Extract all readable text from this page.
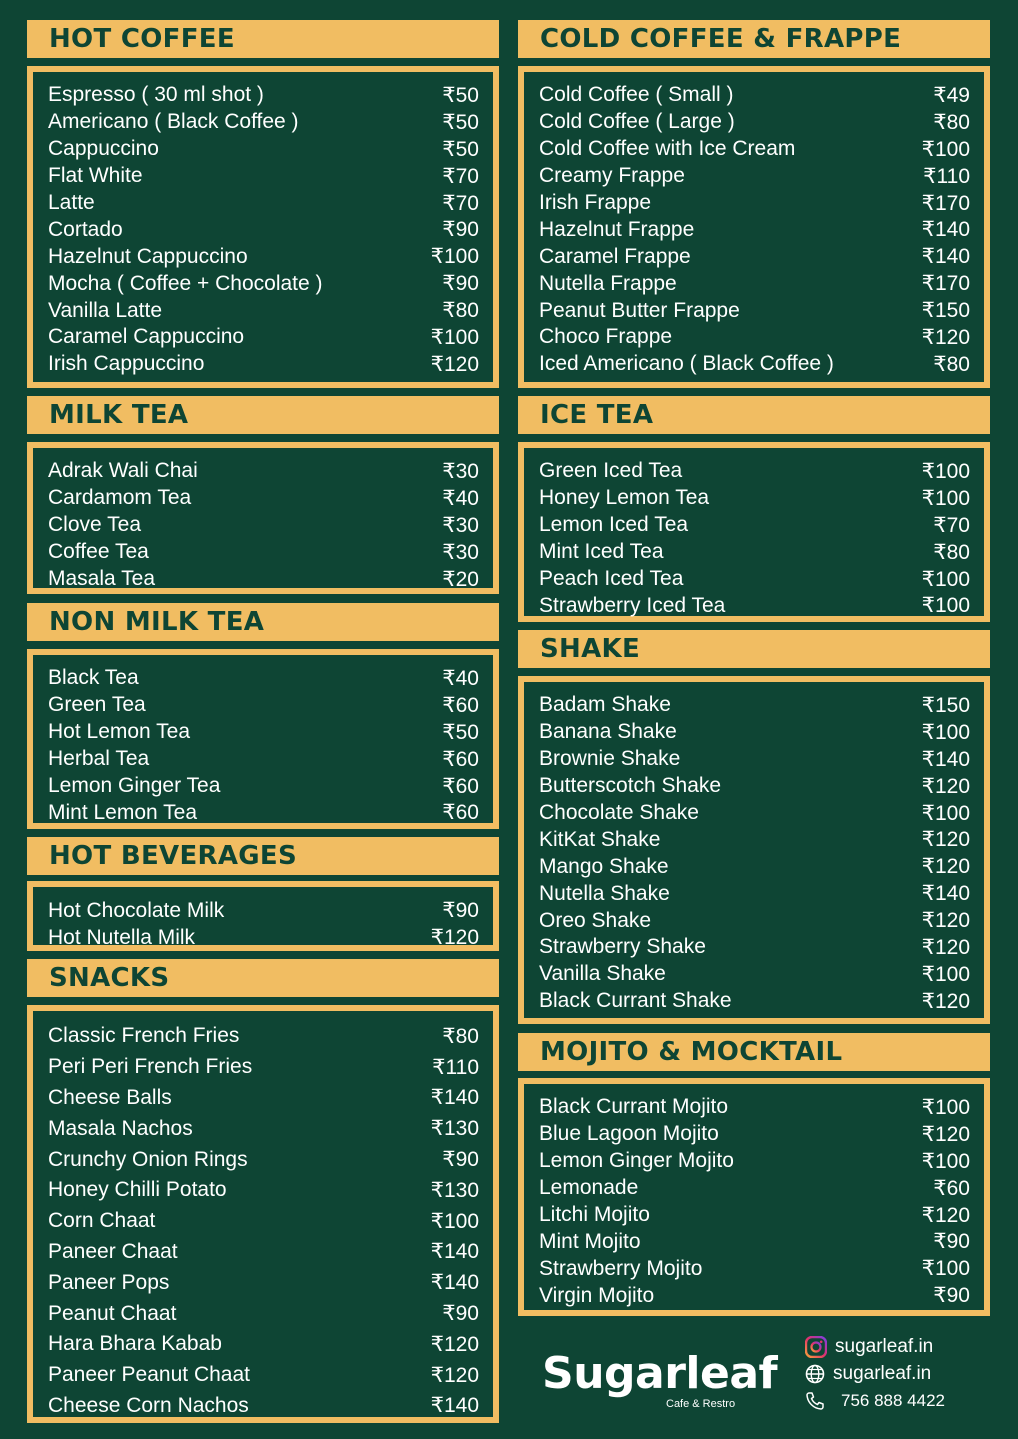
HOT COFFEE
Espresso ( 30 ml shot )	₹50
Americano ( Black Coffee )	₹50
Cappuccino	₹50
Flat White	₹70
Latte	₹70
Cortado	₹90
Hazelnut Cappuccino	₹100
Mocha ( Coffee + Chocolate )	₹90
Vanilla Latte	₹80
Caramel Cappuccino	₹100
Irish Cappuccino	₹120
MILK TEA
Adrak Wali Chai	₹30
Cardamom Tea	₹40
Clove Tea	₹30
Coffee Tea	₹30
Masala Tea	₹20
NON MILK TEA
Black Tea	₹40
Green Tea	₹60
Hot Lemon Tea	₹50
Herbal Tea	₹60
Lemon Ginger Tea	₹60
Mint Lemon Tea	₹60
HOT BEVERAGES
Hot Chocolate Milk	₹90
Hot Nutella Milk	₹120
SNACKS
Classic French Fries	₹80
Peri Peri French Fries	₹110
Cheese Balls	₹140
Masala Nachos	₹130
Crunchy Onion Rings	₹90
Honey Chilli Potato	₹130
Corn Chaat	₹100
Paneer Chaat	₹140
Paneer Pops	₹140
Peanut Chaat	₹90
Hara Bhara Kabab	₹120
Paneer Peanut Chaat	₹120
Cheese Corn Nachos	₹140
COLD COFFEE & FRAPPE
Cold Coffee ( Small )	₹49
Cold Coffee ( Large )	₹80
Cold Coffee with Ice Cream	₹100
Creamy Frappe	₹110
Irish Frappe	₹170
Hazelnut Frappe	₹140
Caramel Frappe	₹140
Nutella Frappe	₹170
Peanut Butter Frappe	₹150
Choco Frappe	₹120
Iced Americano ( Black Coffee )	₹80
ICE TEA
Green Iced Tea	₹100
Honey Lemon Tea	₹100
Lemon Iced Tea	₹70
Mint Iced Tea	₹80
Peach Iced Tea	₹100
Strawberry Iced Tea	₹100
SHAKE
Badam Shake	₹150
Banana Shake	₹100
Brownie Shake	₹140
Butterscotch Shake	₹120
Chocolate Shake	₹100
KitKat Shake	₹120
Mango Shake	₹120
Nutella Shake	₹140
Oreo Shake	₹120
Strawberry Shake	₹120
Vanilla Shake	₹100
Black Currant Shake	₹120
MOJITO & MOCKTAIL
Black Currant Mojito	₹100
Blue Lagoon Mojito	₹120
Lemon Ginger Mojito	₹100
Lemonade	₹60
Litchi Mojito	₹120
Mint Mojito	₹90
Strawberry Mojito	₹100
Virgin Mojito	₹90
Sugarleaf
Cafe & Restro
sugarleaf.in
sugarleaf.in
756 888 4422
